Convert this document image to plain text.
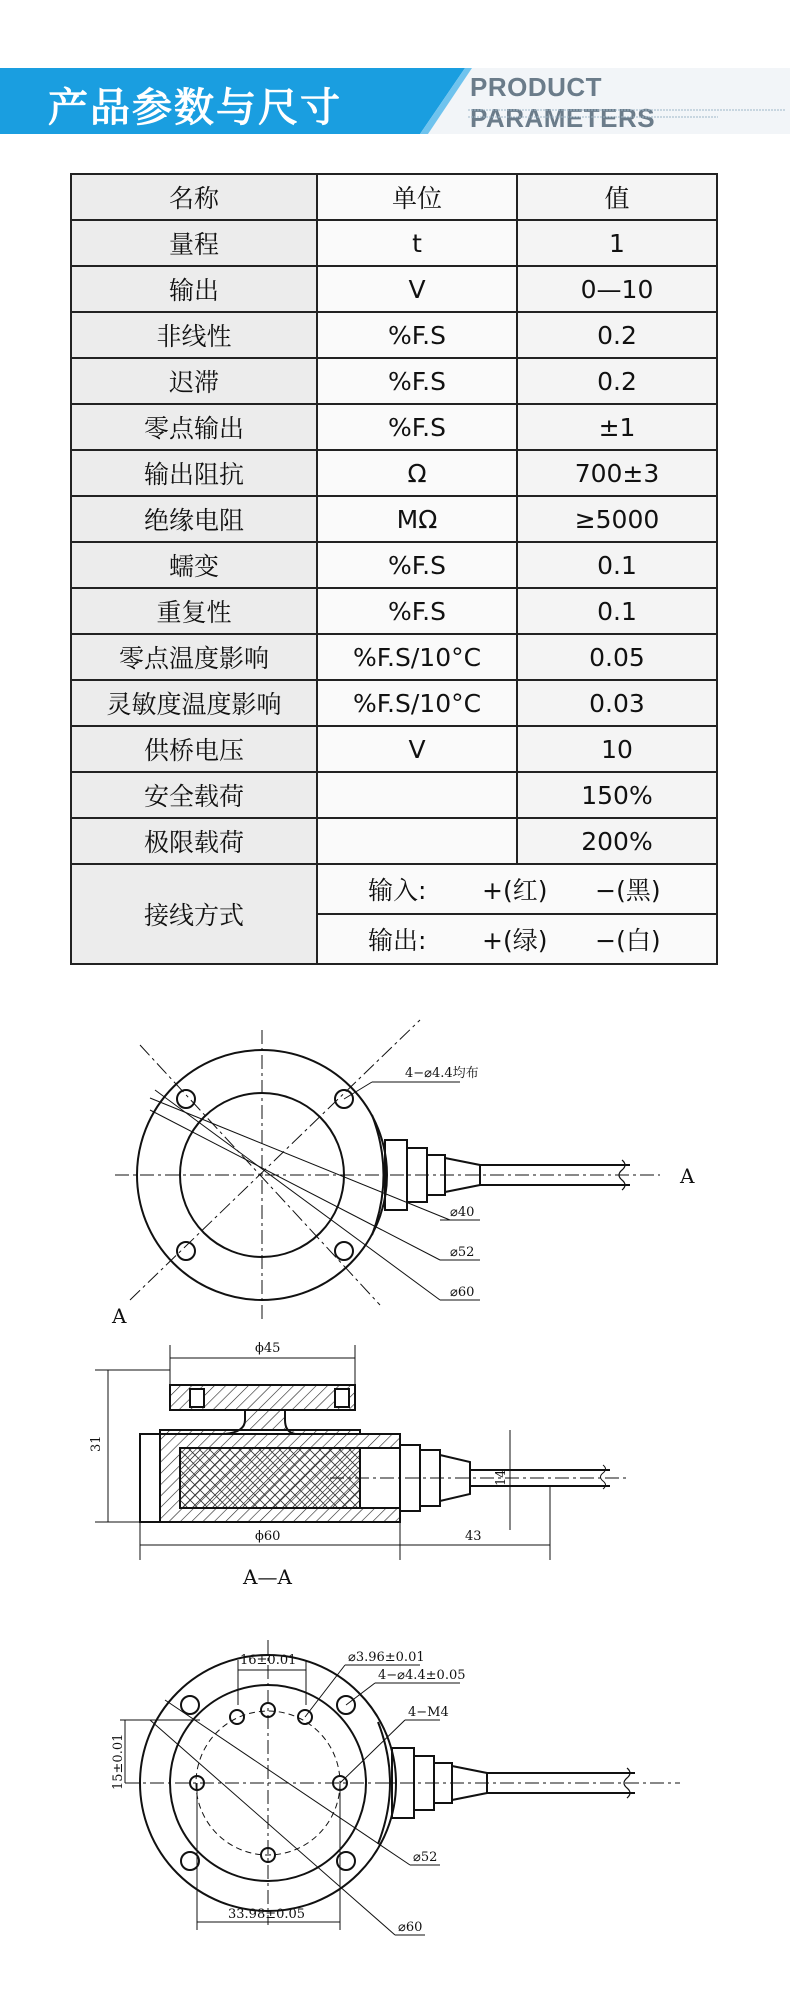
产品参数与尺寸	PRODUCT PARAMETERS
名称	单位	值
量程	t	1
输出	V	0—10
非线性	%F.S	0.2
迟滞	%F.S	0.2
零点输出	%F.S	±1
输出阻抗	Ω	700±3
绝缘电阻	MΩ	≥5000
蠕变	%F.S	0.1
重复性	%F.S	0.1
零点温度影响	%F.S/10°C	0.05
灵敏度温度影响	%F.S/10°C	0.03
供桥电压	V	10
安全载荷		150%
极限载荷		200%
接线方式	输入:       +(红)      −(黑)	
	输出:       +(绿)      −(白)	
4−⌀4.4均布
⌀40
⌀52
⌀60
A
A
ϕ45
31
ϕ60	43
14
A—A
16±0.01	⌀3.96±0.01
4−⌀4.4±0.05
4−M4
15±0.01
⌀52
33.98±0.05
⌀60
